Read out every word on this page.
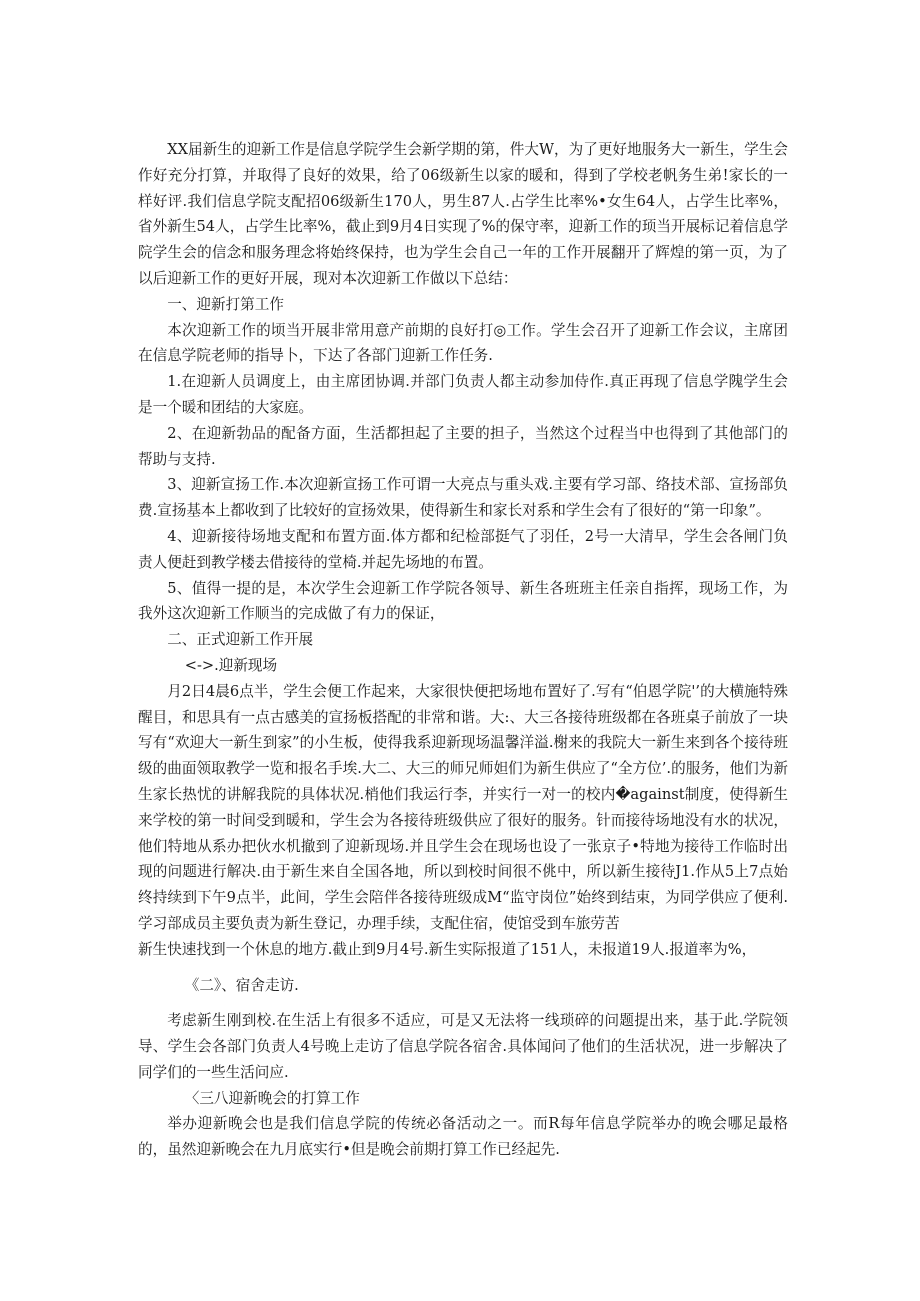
XX届新生的迎新工作是信息学院学生会新学期的第，件大W，为了更好地服务大一新生，学生会作好充分打算，并取得了良好的效果，给了06级新生以家的暖和，得到了学校老帆务生弟!家长的一样好评.我们信息学院支配招06级新生170人，男生87人.占学生比率%•女生64人，占学生比率%，省外新生54人，占学生比率%，截止到9月4日实现了%的保守率，迎新工作的顼当开展标记着信息学院学生会的信念和服务理念将始终保持，也为学生会自己一年的工作开展翻开了辉煌的第一页，为了以后迎新工作的更好开展，现对本次迎新工作做以下总结：

一、迎新打第工作

本次迎新工作的顷当开展非常用意产前期的良好打◎工作。学生会召开了迎新工作会议，主席团在信息学院老师的指导卜，下达了各部门迎新工作任务.

1.在迎新人员调度上，由主席团协调.并部门负责人都主动参加侍作.真正再现了信息学隗学生会是一个暖和团结的大家庭。

2、在迎新勃品的配备方面，生活都担起了主要的担子，当然这个过程当中也得到了其他部门的帮助与支持.

3、迎新宣扬工作.本次迎新宣扬工作可谓一大亮点与重头戏.主要有学习部、络技术部、宣扬部负费.宣扬基本上都收到了比较好的宣扬效果，使得新生和家长对系和学生会有了很好的“第一印象”。

4、迎新接待场地支配和布置方面.体方都和纪检部挺气了羽任，2号一大清早，学生会各闸门负责人便赶到教学楼去借接待的堂椅.并起先场地的布置。

5、值得一提的是，本次学生会迎新工作学院各领导、新生各班班主任亲自指挥，现场工作，为我外这次迎新工作顺当的完成做了有力的保证，

二、正式迎新工作开展

<->.迎新现场

月2日4晨6点半，学生会便工作起来，大家很快便把场地布置好了.写有“伯恩学院'’的大横施特殊醒目，和思具有一点古感美的宣扬板搭配的非常和谐。大:、大三各接待班级都在各班桌子前放了一块写有“欢迎大一新生到家”的小生板，使得我系迎新现场温馨洋溢.榭来的我院大一新生来到各个接待班级的曲面领取教学一览和报名手埃.大二、大三的师兄师妲们为新生供应了“全方位’.的服务，他们为新生家长热忧的讲解我院的具体状况.梢他们我运行李，并实行一对一的校内�against制度，使得新生来学校的第一时间受到暖和，学生会为各接待班级供应了很好的服务。针而接待场地没有水的状况，他们特地从系办把伙水机撤到了迎新现场.并且学生会在现场也设了一张京子•特地为接待工作临时出现的问题进行解决.由于新生来自全国各地，所以到校时间很不佻中，所以新生接待J1.作从5上7点始终持续到下午9点半，此间，学生会陪伴各接待班级成M“监守岗位”始终到结束，为同学供应了便利.　　　学习部成员主要负责为新生登记，办理手续，支配住宿，使馆受到车旅劳苦

新生快速找到一个休息的地方.截止到9月4号.新生实际报道了151人，未报道19人.报道率为%，

《二》、宿舍走访.

考虑新生刚到校.在生活上有很多不适应，可是又无法将一线琐碎的问题提出来，基于此.学院领导、学生会各部门负责人4号晚上走访了信息学院各宿舍.具体闻问了他们的生活状况，进一步解决了同学们的一些生活问应.

〈三八迎新晚会的打算工作

举办迎新晚会也是我们信息学院的传统必备活动之一。而R每年信息学院举办的晚会哪足最格的，虽然迎新晚会在九月底实行•但是晚会前期打算工作已经起先.
